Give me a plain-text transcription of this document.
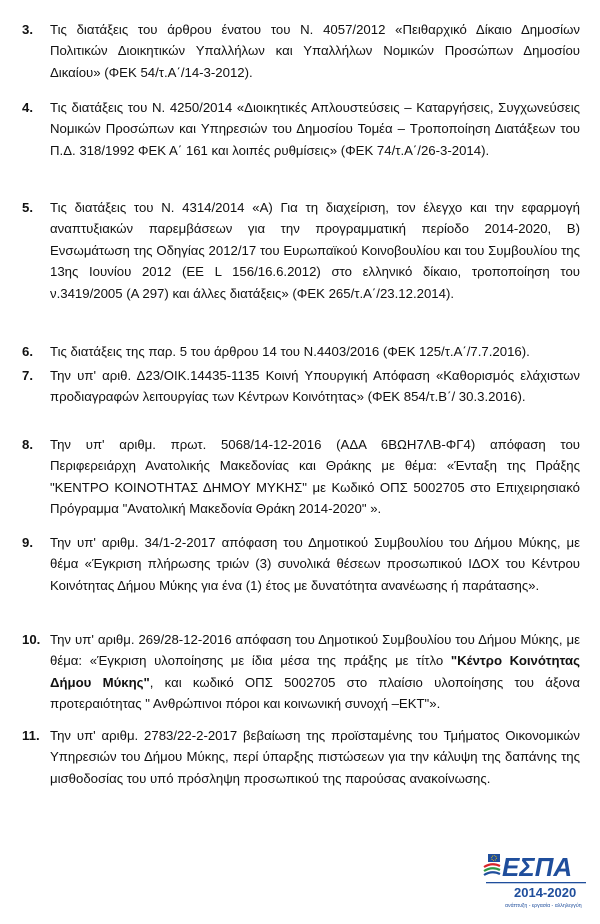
3.	Τις διατάξεις του άρθρου ένατου του Ν. 4057/2012 «Πειθαρχικό Δίκαιο Δημοσίων Πολιτικών Διοικητικών Υπαλλήλων και Υπαλλήλων Νομικών Προσώπων Δημοσίου Δικαίου» (ΦΕΚ 54/τ.Α΄/14-3-2012).
4.	Τις διατάξεις του Ν. 4250/2014 «Διοικητικές Απλουστεύσεις – Καταργήσεις, Συγχωνεύσεις Νομικών Προσώπων και Υπηρεσιών του Δημοσίου Τομέα – Τροποποίηση Διατάξεων του Π.Δ. 318/1992 ΦΕΚ Α΄ 161 και λοιπές ρυθμίσεις» (ΦΕΚ 74/τ.Α΄/26-3-2014).
5.	Τις διατάξεις του Ν. 4314/2014 «Α) Για τη διαχείριση, τον έλεγχο και την εφαρμογή αναπτυξιακών παρεμβάσεων για την προγραμματική περίοδο 2014-2020, Β) Ενσωμάτωση της Οδηγίας 2012/17 του Ευρωπαϊκού Κοινοβουλίου και του Συμβουλίου της 13ης Ιουνίου 2012 (ΕΕ L 156/16.6.2012) στο ελληνικό δίκαιο, τροποποίηση του ν.3419/2005 (Α 297) και άλλες διατάξεις» (ΦΕΚ 265/τ.Α΄/23.12.2014).
6.	Τις διατάξεις της παρ. 5 του άρθρου 14 του Ν.4403/2016 (ΦΕΚ 125/τ.Α΄/7.7.2016).
7.	Την υπ' αριθ. Δ23/ΟΙΚ.14435-1135 Κοινή Υπουργική Απόφαση «Καθορισμός ελάχιστων προδιαγραφών λειτουργίας των Κέντρων Κοινότητας» (ΦΕΚ 854/τ.Β΄/ 30.3.2016).
8.	Την υπ' αριθμ. πρωτ. 5068/14-12-2016 (ΑΔΑ 6ΒΩΗ7ΛΒ-ΦΓ4) απόφαση του Περιφερειάρχη Ανατολικής Μακεδονίας και Θράκης με θέμα: «Ένταξη της Πράξης "ΚΕΝΤΡΟ ΚΟΙΝΟΤΗΤΑΣ ΔΗΜΟΥ ΜΥΚΗΣ" με Κωδικό ΟΠΣ 5002705 στο Επιχειρησιακό Πρόγραμμα "Ανατολική Μακεδονία Θράκη 2014-2020" ».
9.	Την υπ' αριθμ. 34/1-2-2017 απόφαση του Δημοτικού Συμβουλίου του Δήμου Μύκης, με θέμα «Έγκριση πλήρωσης τριών (3) συνολικά θέσεων προσωπικού ΙΔΟΧ του Κέντρου Κοινότητας Δήμου Μύκης για ένα (1) έτος με δυνατότητα ανανέωσης ή παράτασης».
10. Την υπ' αριθμ. 269/28-12-2016 απόφαση του Δημοτικού Συμβουλίου του Δήμου Μύκης, με θέμα: «Έγκριση υλοποίησης με ίδια μέσα της πράξης με τίτλο "Κέντρο Κοινότητας Δήμου Μύκης", και κωδικό ΟΠΣ 5002705 στο πλαίσιο υλοποίησης του άξονα προτεραιότητας " Ανθρώπινοι πόροι και κοινωνική συνοχή –ΕΚΤ"».
11. Την υπ' αριθμ. 2783/22-2-2017 βεβαίωση της προϊσταμένης του Τμήματος Οικονομικών Υπηρεσιών του Δήμου Μύκης, περί ύπαρξης πιστώσεων για την κάλυψη της δαπάνης της μισθοδοσίας του υπό πρόσληψη προσωπικού της παρούσας ανακοίνωσης.
ΕΣΠΑ
2014-2020
ανάπτυξη - εργασία - αλληλεγγύη
